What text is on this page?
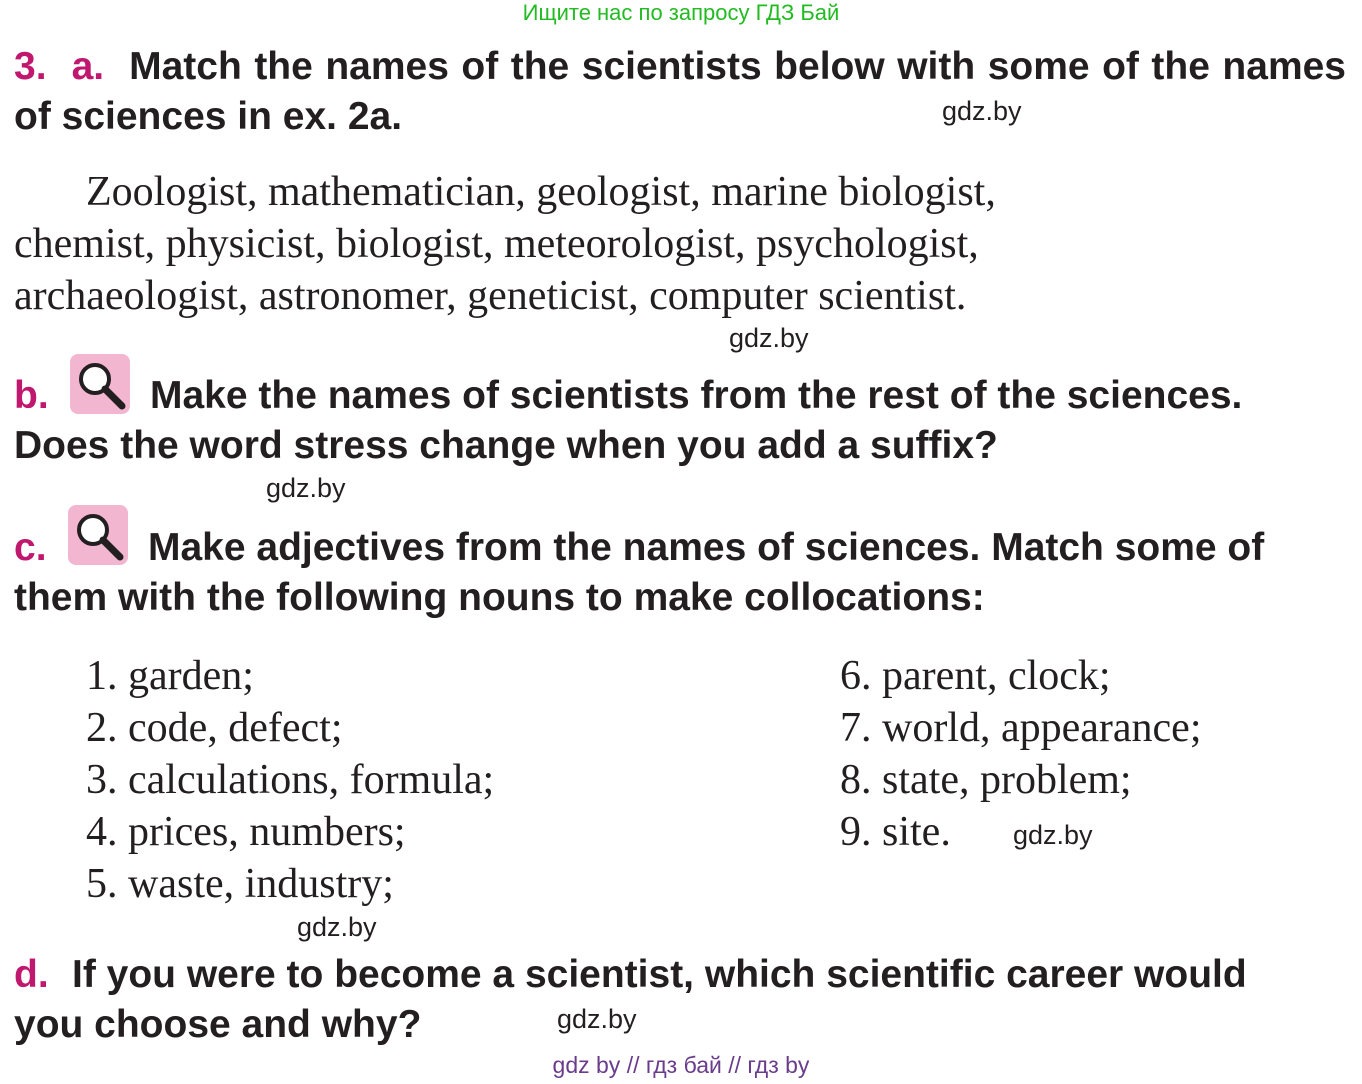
Ищите нас по запросу ГДЗ Бай
3. a. Match the names of the scientists below with some of the names of sciences in ex. 2a.	gdz.by
Zoologist, mathematician, geologist, marine biologist,
chemist, physicist, biologist, meteorologist, psychologist,
archaeologist, astronomer, geneticist, computer scientist.
gdz.by
b.	Make the names of scientists from the rest of the sciences.
Does the word stress change when you add a suffix?
gdz.by
c.	Make adjectives from the names of sciences. Match some of
them with the following nouns to make collocations:
1. garden;
2. code, defect;
3. calculations, formula;
4. prices, numbers;
5. waste, industry;
6. parent, clock;
7. world, appearance;
8. state, problem;
9. site. gdz.by
gdz.by
d. If you were to become a scientist, which scientific career would
you choose and why?	gdz.by
gdz by // гдз бай // гдз by
